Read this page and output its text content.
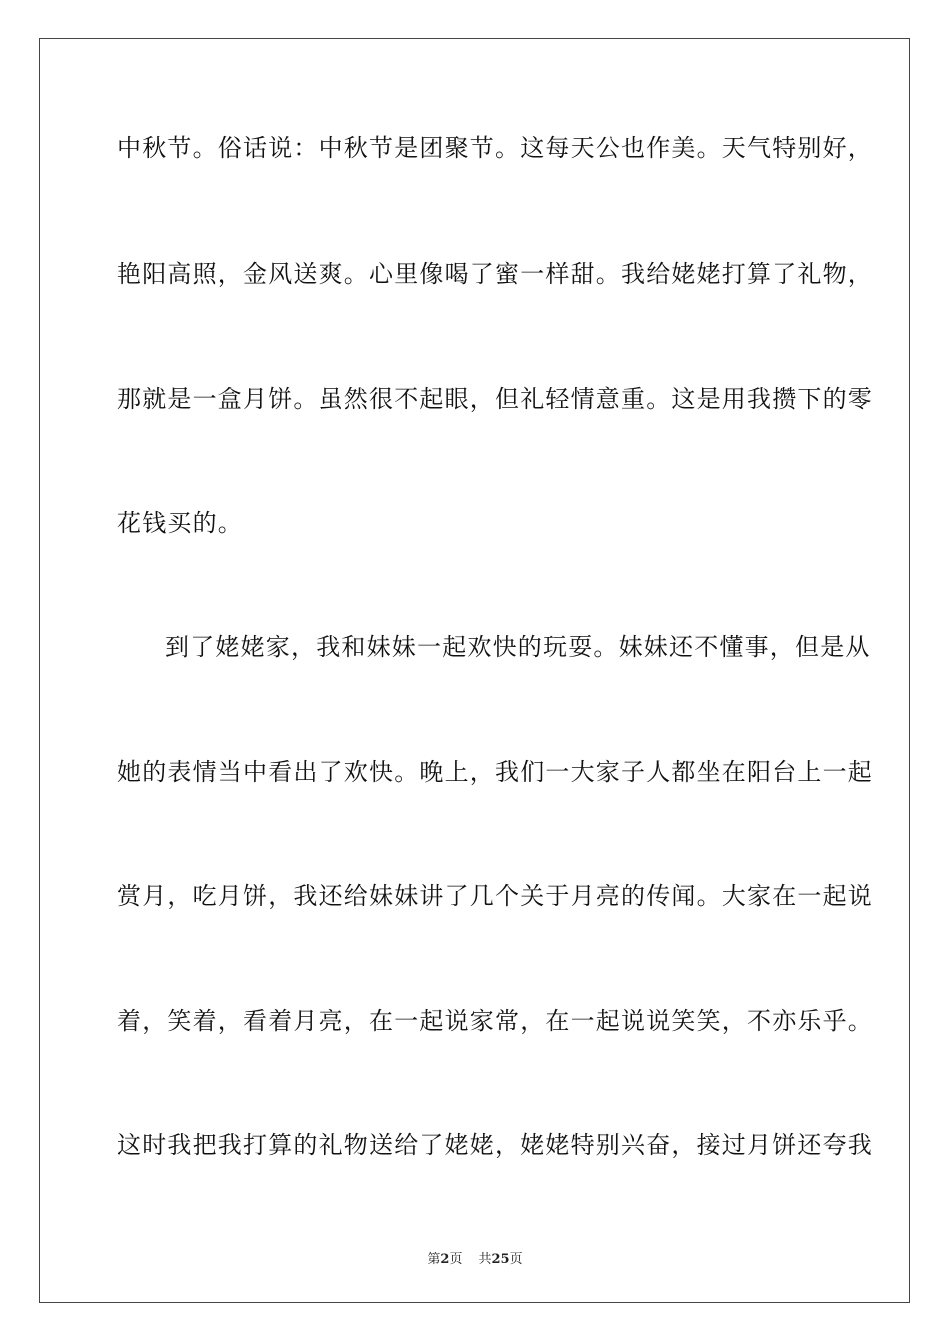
中秋节。俗话说：中秋节是团聚节。这每天公也作美。天气特别好，
艳阳高照，金风送爽。心里像喝了蜜一样甜。我给姥姥打算了礼物，
那就是一盒月饼。虽然很不起眼，但礼轻情意重。这是用我攒下的零
花钱买的。
到了姥姥家，我和妹妹一起欢快的玩耍。妹妹还不懂事，但是从
她的表情当中看出了欢快。晚上，我们一大家子人都坐在阳台上一起
赏月，吃月饼，我还给妹妹讲了几个关于月亮的传闻。大家在一起说
着，笑着，看着月亮，在一起说家常，在一起说说笑笑，不亦乐乎。
这时我把我打算的礼物送给了姥姥，姥姥特别兴奋，接过月饼还夸我
第2页 共25页
